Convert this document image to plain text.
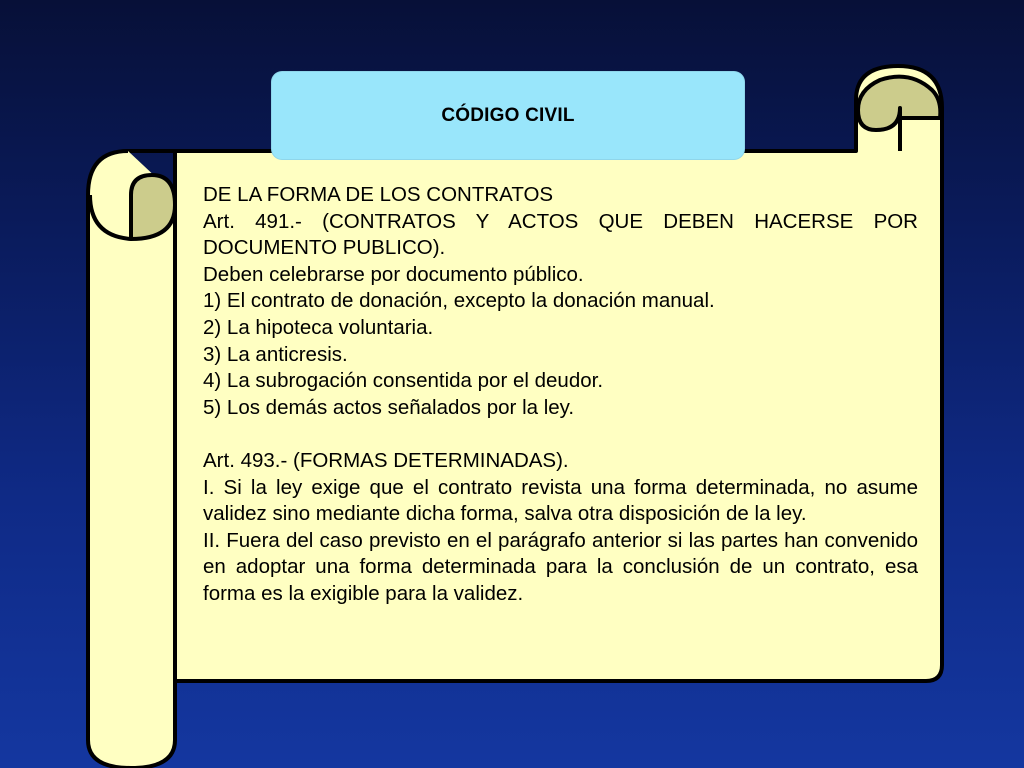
CÓDIGO CIVIL

DE LA FORMA DE LOS CONTRATOS

Art. 491.- (CONTRATOS Y ACTOS QUE DEBEN HACERSE POR DOCUMENTO PUBLICO).

Deben celebrarse por documento público.

1) El contrato de donación, excepto la donación manual.

2) La hipoteca voluntaria.

3) La anticresis.

4) La subrogación consentida por el deudor.

5) Los demás actos señalados por la ley.

Art. 493.- (FORMAS DETERMINADAS).

I. Si la ley exige que el contrato revista una forma determinada, no asume validez sino mediante dicha forma, salva otra disposición de la ley.

II. Fuera del caso previsto en el parágrafo anterior si las partes han convenido en adoptar una forma determinada para la conclusión de un contrato, esa forma es la exigible para la validez.
